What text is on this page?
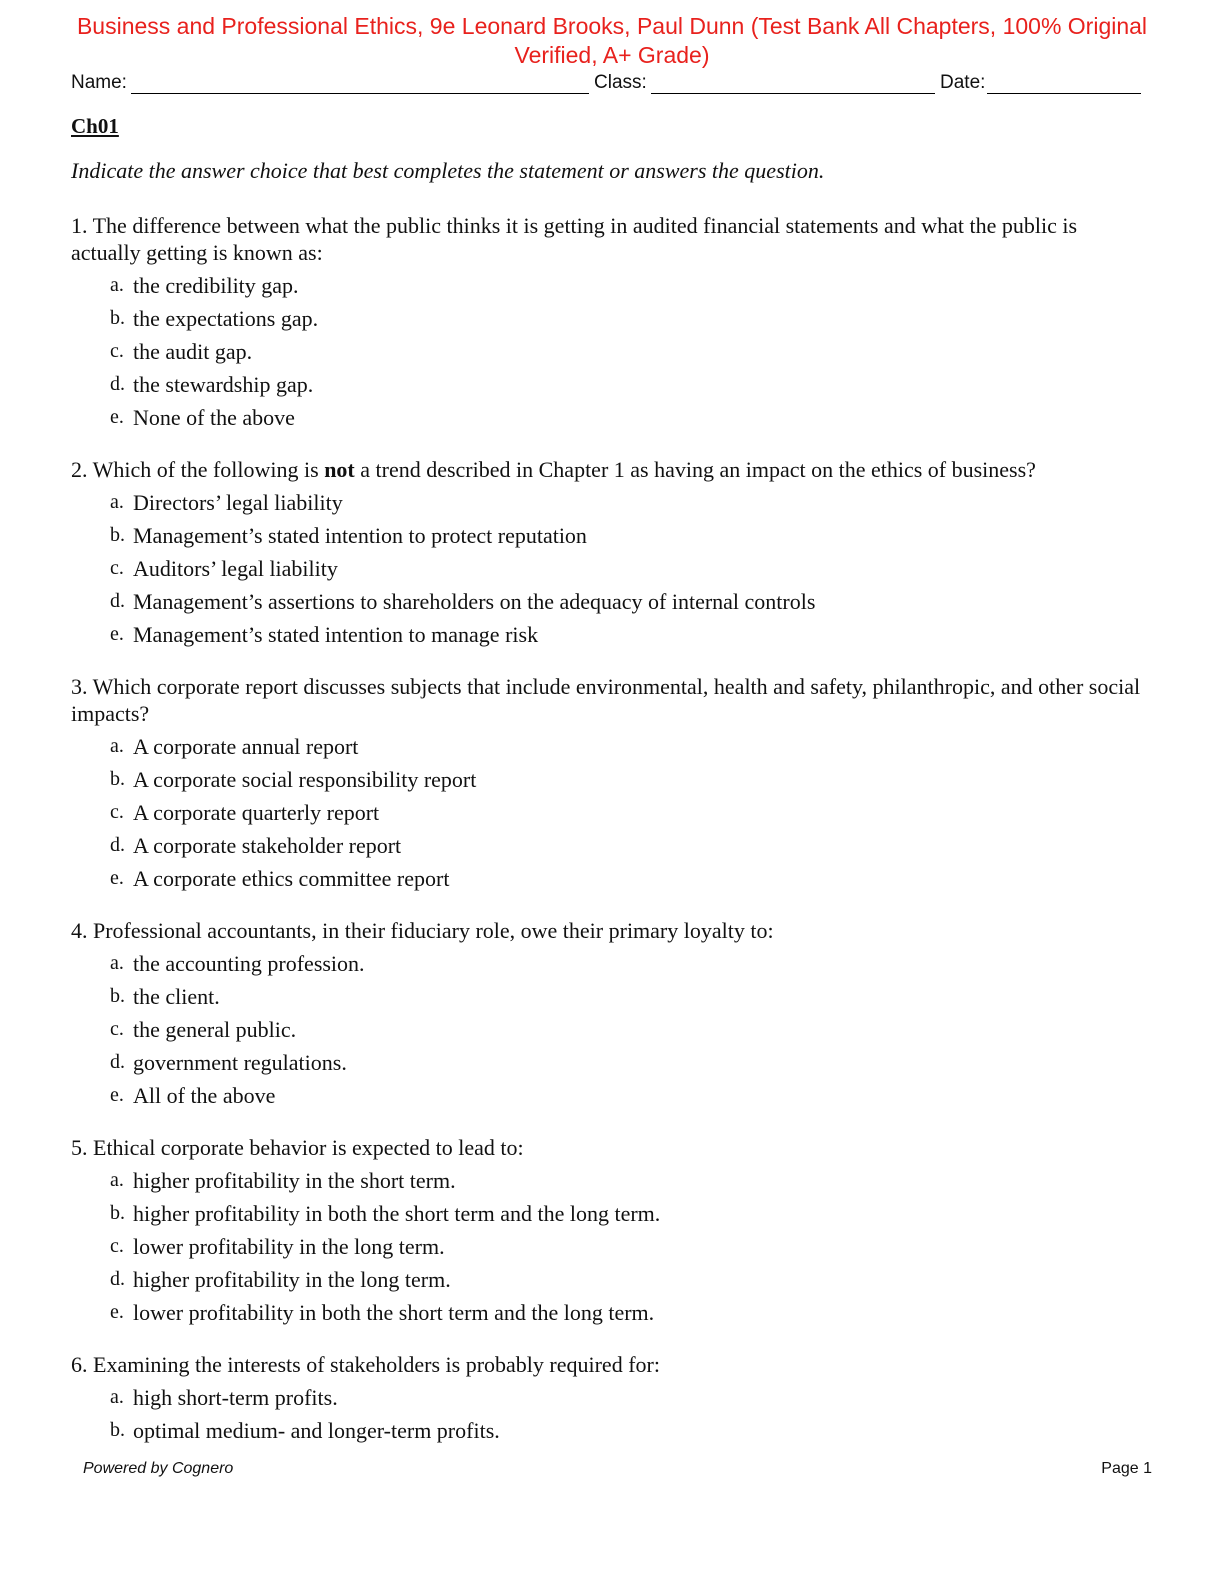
Business and Professional Ethics, 9e Leonard Brooks, Paul Dunn (Test Bank All Chapters, 100% Original
Verified, A+ Grade)
Name:	Class:	Date:
Ch01
Indicate the answer choice that best completes the statement or answers the question.

1. The difference between what the public thinks it is getting in audited financial statements and what the public is actually getting is known as:

a. the credibility gap.
b. the expectations gap.
c. the audit gap.
d. the stewardship gap.
e. None of the above

2. Which of the following is not a trend described in Chapter 1 as having an impact on the ethics of business?

a. Directors’ legal liability
b. Management’s stated intention to protect reputation
c. Auditors’ legal liability
d. Management’s assertions to shareholders on the adequacy of internal controls
e. Management’s stated intention to manage risk

3. Which corporate report discusses subjects that include environmental, health and safety, philanthropic, and other social impacts?

a. A corporate annual report
b. A corporate social responsibility report
c. A corporate quarterly report
d. A corporate stakeholder report
e. A corporate ethics committee report

4. Professional accountants, in their fiduciary role, owe their primary loyalty to:

a. the accounting profession.
b. the client.
c. the general public.
d. government regulations.
e. All of the above

5. Ethical corporate behavior is expected to lead to:

a. higher profitability in the short term.
b. higher profitability in both the short term and the long term.
c. lower profitability in the long term.
d. higher profitability in the long term.
e. lower profitability in both the short term and the long term.

6. Examining the interests of stakeholders is probably required for:

a. high short-term profits.
b. optimal medium- and longer-term profits.
Powered by Cognero	Page 1
